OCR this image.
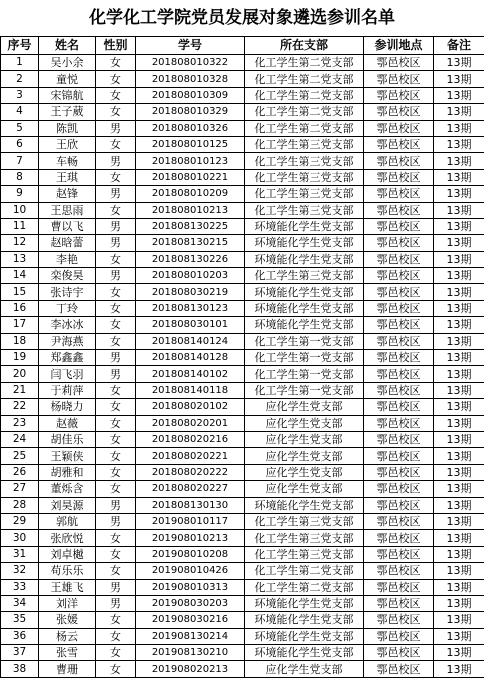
化学化工学院党员发展对象遴选参训名单
序号	姓名	性别	学号	所在支部	参训地点	备注
1	吴小余	女	201808010322	化工学生第二党支部	鄠邑校区	13期
2	童悦	女	201808010328	化工学生第二党支部	鄠邑校区	13期
3	宋锦航	女	201808010309	化工学生第二党支部	鄠邑校区	13期
4	王子葳	女	201808010329	化工学生第二党支部	鄠邑校区	13期
5	陈凯	男	201808010326	化工学生第二党支部	鄠邑校区	13期
6	王欣	女	201808010125	化工学生第三党支部	鄠邑校区	13期
7	车畅	男	201808010123	化工学生第三党支部	鄠邑校区	13期
8	王琪	女	201808010221	化工学生第三党支部	鄠邑校区	13期
9	赵锋	男	201808010209	化工学生第三党支部	鄠邑校区	13期
10	王思雨	女	201808010213	化工学生第三党支部	鄠邑校区	13期
11	曹以飞	男	201808130225	环境能化学生党支部	鄠邑校区	13期
12	赵晗蕾	男	201808130215	环境能化学生党支部	鄠邑校区	13期
13	李艳	女	201808130226	环境能化学生党支部	鄠邑校区	13期
14	栾俊昊	男	201808010203	化工学生第三党支部	鄠邑校区	13期
15	张诗宇	女	201808030219	环境能化学生党支部	鄠邑校区	13期
16	丁玲	女	201808130123	环境能化学生党支部	鄠邑校区	13期
17	李冰冰	女	201808030101	环境能化学生党支部	鄠邑校区	13期
18	尹海燕	女	201808140124	化工学生第一党支部	鄠邑校区	13期
19	郑鑫鑫	男	201808140128	化工学生第一党支部	鄠邑校区	13期
20	闫飞羽	男	201808140102	化工学生第一党支部	鄠邑校区	13期
21	于莉萍	女	201808140118	化工学生第一党支部	鄠邑校区	13期
22	杨晓力	女	201808020102	应化学生党支部	鄠邑校区	13期
23	赵薇	女	201808020201	应化学生党支部	鄠邑校区	13期
24	胡佳乐	女	201808020216	应化学生党支部	鄠邑校区	13期
25	王颖侠	女	201808020221	应化学生党支部	鄠邑校区	13期
26	胡雅和	女	201808020222	应化学生党支部	鄠邑校区	13期
27	董烁含	女	201808020227	应化学生党支部	鄠邑校区	13期
28	刘昊源	男	201808130130	环境能化学生党支部	鄠邑校区	13期
29	郭航	男	201908010117	化工学生第三党支部	鄠邑校区	13期
30	张欣悦	女	201908010213	化工学生第三党支部	鄠邑校区	13期
31	刘卓樾	女	201908010208	化工学生第三党支部	鄠邑校区	13期
32	苟乐乐	女	201908010426	化工学生第二党支部	鄠邑校区	13期
33	王雄飞	男	201908010313	化工学生第二党支部	鄠邑校区	13期
34	刘洋	男	201908030203	环境能化学生党支部	鄠邑校区	13期
35	张媛	女	201908030216	环境能化学生党支部	鄠邑校区	13期
36	杨云	女	201908130214	环境能化学生党支部	鄠邑校区	13期
37	张雪	女	201908130210	环境能化学生党支部	鄠邑校区	13期
38	曹珊	女	201908020213	应化学生党支部	鄠邑校区	13期
